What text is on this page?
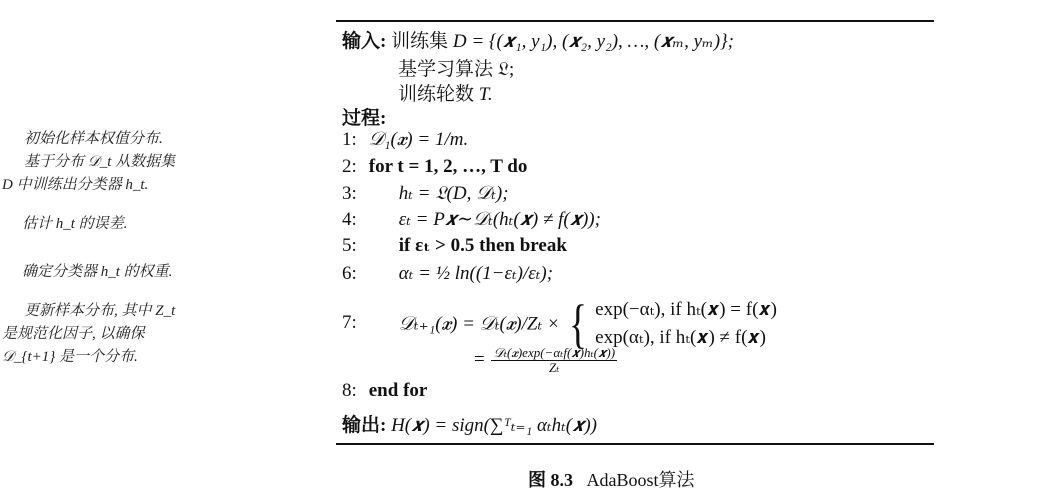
初始化样本权值分布.
基于分布 𝒟_t 从数据集
D 中训练出分类器 h_t.
估计 h_t 的误差.
确定分类器 h_t 的权重.
更新样本分布, 其中 Z_t
是规范化因子, 以确保
𝒟_{t+1} 是一个分布.
输入: 训练集 D = {(𝒙₁, y₁), (𝒙₂, y₂), …, (𝒙ₘ, yₘ)};
基学习算法 𝔏;
训练轮数 T.
过程:
1: 𝒟₁(𝒙) = 1/m.
2: for t = 1, 2, …, T do
3: hₜ = 𝔏(D, 𝒟ₜ);
4: εₜ = P𝒙∼𝒟ₜ(hₜ(𝒙) ≠ f(𝒙));
5: if εₜ > 0.5 then break
6: αₜ = ½ ln((1−εₜ)/εₜ);
7: 𝒟ₜ₊₁(𝒙) = 𝒟ₜ(𝒙)/Zₜ × { exp(−αₜ), if hₜ(𝒙) = f(𝒙)
exp(αₜ), if hₜ(𝒙) ≠ f(𝒙)
= $\frac{\text{𝒟ₜ(𝒙)exp(−αₜf(𝒙)hₜ(𝒙))}}{\text{Zₜ}}$
8: end for
输出: H(𝒙) = sign(∑ᵀₜ₌₁ αₜhₜ(𝒙))
图 8.3 AdaBoost算法
